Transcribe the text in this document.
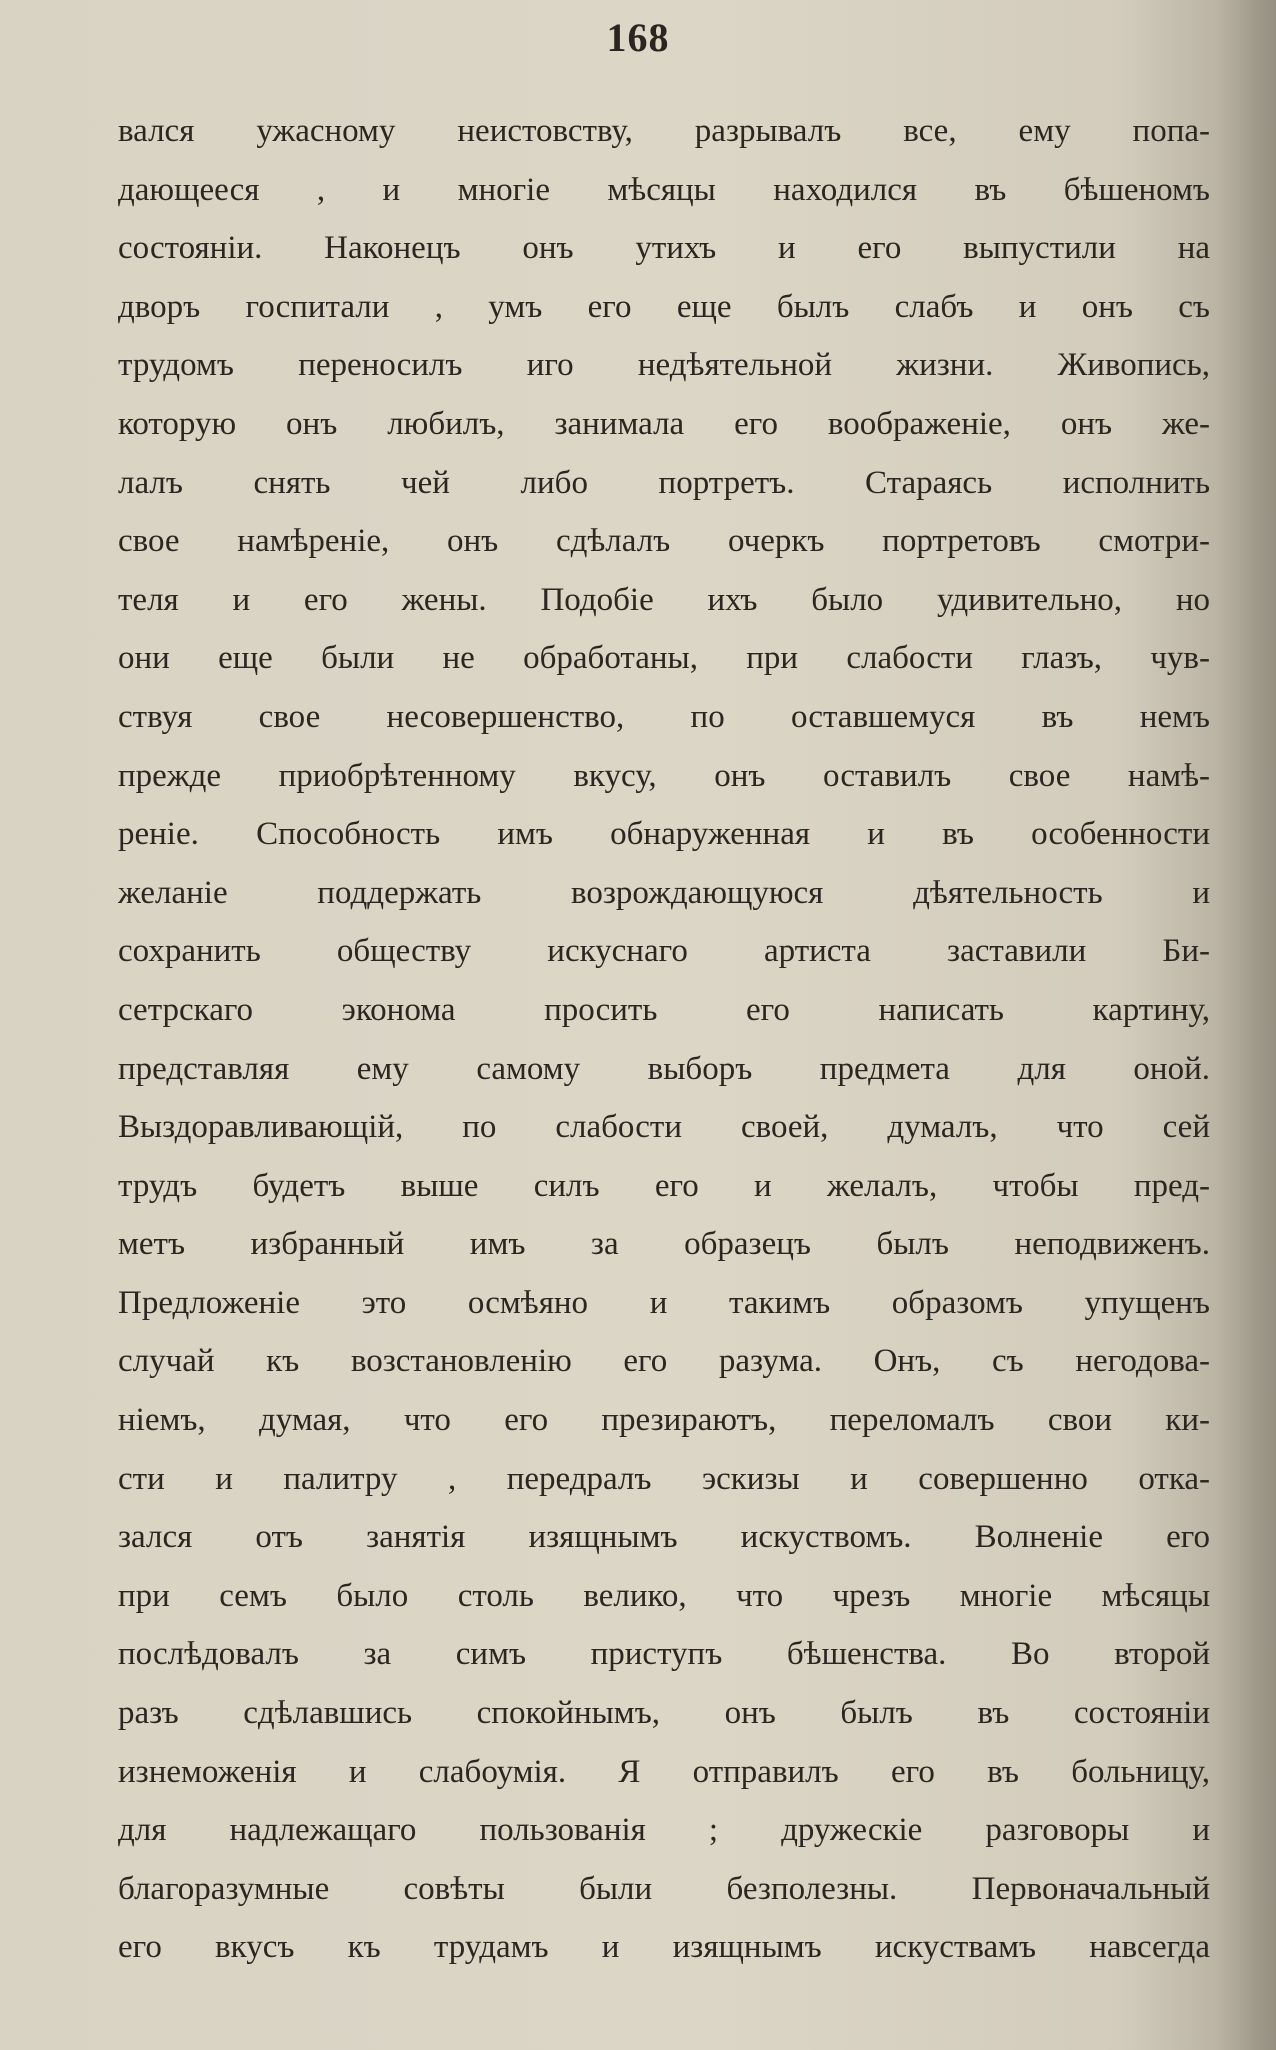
168
вался ужасному неистовству, разрывалъ все, ему попа-
дающееся , и многіе мѣсяцы находился въ бѣшеномъ
состояніи. Наконецъ онъ утихъ и его выпустили на
дворъ госпитали , умъ его еще былъ слабъ и онъ съ
трудомъ переносилъ иго недѣятельной жизни. Живопись,
которую онъ любилъ, занимала его воображеніе, онъ же-
лалъ снять чей либо портретъ. Стараясь исполнить
свое намѣреніе, онъ сдѣлалъ очеркъ портретовъ смотри-
теля и его жены. Подобіе ихъ было удивительно, но
они еще были не обработаны, при слабости глазъ, чув-
ствуя свое несовершенство, по оставшемуся въ немъ
прежде приобрѣтенному вкусу, онъ оставилъ свое намѣ-
реніе. Способность имъ обнаруженная и въ особенности
желаніе поддержать возрождающуюся дѣятельность и
сохранить обществу искуснаго артиста заставили Би-
сетрскаго эконома просить его написать картину,
представляя ему самому выборъ предмета для оной.
Выздоравливающій, по слабости своей, думалъ, что сей
трудъ будетъ выше силъ его и желалъ, чтобы пред-
метъ избранный имъ за образецъ былъ неподвиженъ.
Предложеніе это осмѣяно и такимъ образомъ упущенъ
случай къ возстановленію его разума. Онъ, съ негодова-
ніемъ, думая, что его презираютъ, переломалъ свои ки-
сти и палитру , передралъ эскизы и совершенно отка-
зался отъ занятія изящнымъ искуствомъ. Волненіе его
при семъ было столь велико, что чрезъ многіе мѣсяцы
послѣдовалъ за симъ приступъ бѣшенства. Во второй
разъ сдѣлавшись спокойнымъ, онъ былъ въ состояніи
изнеможенія и слабоумія. Я отправилъ его въ больницу,
для надлежащаго пользованія ; дружескіе разговоры и
благоразумные совѣты были безполезны. Первоначальный
его вкусъ къ трудамъ и изящнымъ искуствамъ навсегда
